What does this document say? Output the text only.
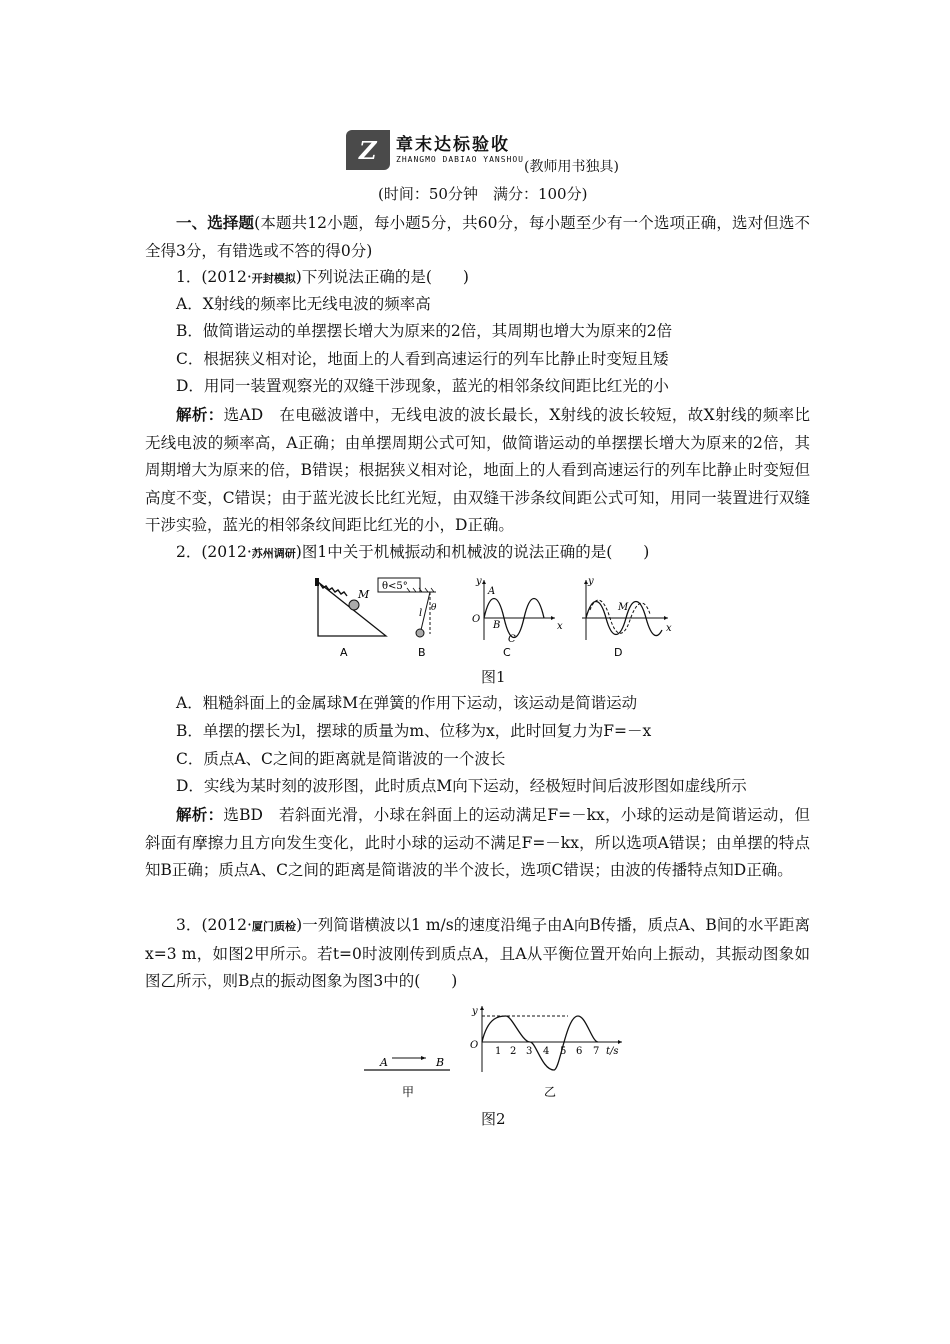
Z 章末达标验收
ZHANGMO DABIAO YANSHOU (教师用书独具)
(时间：50分钟　满分：100分)
一、选择题(本题共12小题，每小题5分，共60分，每小题至少有一个选项正确，选对但选不全得3分，有错选或不答的得0分)
1．(2012·开封模拟)下列说法正确的是(　　)
A．X射线的频率比无线电波的频率高
B．做简谐运动的单摆摆长增大为原来的2倍，其周期也增大为原来的2倍
C．根据狭义相对论，地面上的人看到高速运行的列车比静止时变短且矮
D．用同一装置观察光的双缝干涉现象，蓝光的相邻条纹间距比红光的小
解析：选AD　在电磁波谱中，无线电波的波长最长，X射线的波长较短，故X射线的频率比无线电波的频率高，A正确；由单摆周期公式可知，做简谐运动的单摆摆长增大为原来的2倍，其周期增大为原来的倍，B错误；根据狭义相对论，地面上的人看到高速运行的列车比静止时变短但高度不变，C错误；由于蓝光波长比红光短，由双缝干涉条纹间距公式可知，用同一装置进行双缝干涉实验，蓝光的相邻条纹间距比红光的小，D正确。
2．(2012·苏州调研)图1中关于机械振动和机械波的说法正确的是(　　)
M
θ<5°
l θ
y
x
O
A
B
C
y
x
M
A	B	C	D
图1
A．粗糙斜面上的金属球M在弹簧的作用下运动，该运动是简谐运动
B．单摆的摆长为l，摆球的质量为m、位移为x，此时回复力为F=－x
C．质点A、C之间的距离就是简谐波的一个波长
D．实线为某时刻的波形图，此时质点M向下运动，经极短时间后波形图如虚线所示
解析：选BD　若斜面光滑，小球在斜面上的运动满足F=－kx，小球的运动是简谐运动，但斜面有摩擦力且方向发生变化，此时小球的运动不满足F=－kx，所以选项A错误；由单摆的特点知B正确；质点A、C之间的距离是简谐波的半个波长，选项C错误；由波的传播特点知D正确。
3．(2012·厦门质检)一列简谐横波以1 m/s的速度沿绳子由A向B传播，质点A、B间的水平距离x=3 m，如图2甲所示。若t=0时波刚传到质点A，且A从平衡位置开始向上振动，其振动图象如图乙所示，则B点的振动图象为图3中的(　　)
A	B
甲
y
O
1 2 3 4 5 6 7 t/s
乙
图2
